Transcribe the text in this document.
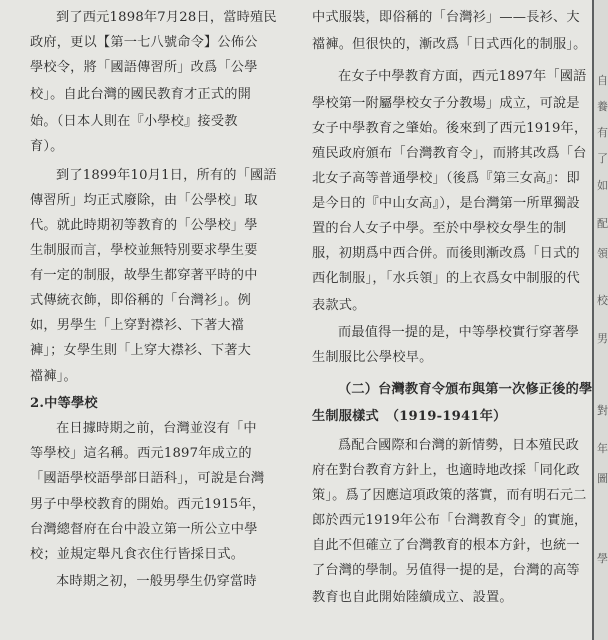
到了西元1898年7月28日，當時殖民
政府，更以【第一七八號命令】公佈公
學校令，將「國語傳習所」改爲「公學
校」。自此台灣的國民教育才正式的開
始。（日本人則在『小學校』接受教
育）。
到了1899年10月1日，所有的「國語
傳習所」均正式廢除，由「公學校」取
代。就此時期初等教育的「公學校」學
生制服而言，學校並無特別要求學生要
有一定的制服，故學生都穿著平時的中
式傳統衣飾，即俗稱的「台灣衫」。例
如，男學生「上穿對襟衫、下著大襠
褲」；女學生則「上穿大襟衫、下著大
襠褲」。
2.中等學校
在日據時期之前，台灣並沒有「中
等學校」這名稱。西元1897年成立的
「國語學校語學部日語科」，可說是台灣
男子中學校教育的開始。西元1915年，
台灣總督府在台中設立第一所公立中學
校；並規定舉凡食衣住行皆採日式。
本時期之初，一般男學生仍穿當時
中式服裝，即俗稱的「台灣衫」——長衫、大
襠褲。但很快的，漸改爲「日式西化的制服」。
在女子中學教育方面，西元1897年「國語
學校第一附屬學校女子分教場」成立，可說是
女子中學教育之肇始。後來到了西元1919年，
殖民政府頒布「台灣教育令」，而將其改爲「台
北女子高等普通學校」（後爲『第三女高』：即
是今日的『中山女高』），是台灣第一所單獨設
置的台人女子中學。至於中學校女學生的制
服，初期爲中西合併。而後則漸改爲「日式的
西化制服」，「水兵領」的上衣爲女中制服的代
表款式。
而最值得一提的是，中等學校實行穿著學
生制服比公學校早。
（二）台灣教育令頒布與第一次修正後的學
生制服樣式　（1919-1941年）
爲配合國際和台灣的新情勢，日本殖民政
府在對台教育方針上，也適時地改採「同化政
策」。爲了因應這項政策的落實，而有明石元二
郎於西元1919年公布「台灣教育令」的實施，
自此不但確立了台灣教育的根本方針，也統一
了台灣的學制。另值得一提的是，台灣的高等
教育也自此開始陸續成立、設置。
自
養
有
了
如
配
領
校
男
對
年
圖
學
